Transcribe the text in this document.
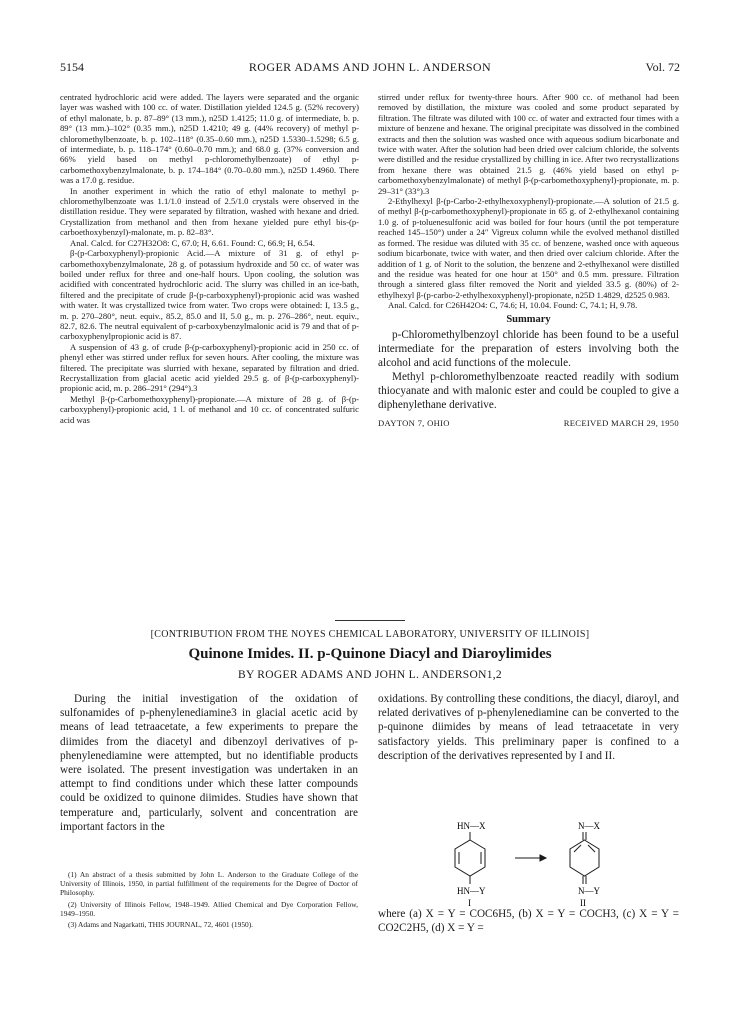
5154	ROGER ADAMS AND JOHN L. ANDERSON	Vol. 72

centrated hydrochloric acid were added. The layers were separated and the organic layer was washed with 100 cc. of water. Distillation yielded 124.5 g. (52% recovery) of ethyl malonate, b. p. 87–89° (13 mm.), n25D 1.4125; 11.0 g. of intermediate, b. p. 89° (13 mm.)–102° (0.35 mm.), n25D 1.4210; 49 g. (44% recovery) of methyl p-chloromethylbenzoate, b. p. 102–118° (0.35–0.60 mm.), n25D 1.5330–1.5298; 6.5 g. of intermediate, b. p. 118–174° (0.60–0.70 mm.); and 68.0 g. (37% conversion and 66% yield based on methyl p-chloromethylbenzoate) of ethyl p-carbomethoxybenzylmalonate, b. p. 174–184° (0.70–0.80 mm.), n25D 1.4960. There was a 17.0 g. residue.

In another experiment in which the ratio of ethyl malonate to methyl p-chloromethylbenzoate was 1.1/1.0 instead of 2.5/1.0 crystals were observed in the distillation residue. They were separated by filtration, washed with hexane and dried. Crystallization from methanol and then from hexane yielded pure ethyl bis-(p-carboethoxybenzyl)-malonate, m. p. 82–83°.

Anal. Calcd. for C27H32O8: C, 67.0; H, 6.61. Found: C, 66.9; H, 6.54.

β-(p-Carboxyphenyl)-propionic Acid.—A mixture of 31 g. of ethyl p-carbomethoxybenzylmalonate, 28 g. of potassium hydroxide and 50 cc. of water was boiled under reflux for three and one-half hours. Upon cooling, the solution was acidified with concentrated hydrochloric acid. The slurry was chilled in an ice-bath, filtered and the precipitate of crude β-(p-carboxyphenyl)-propionic acid was washed with water. It was crystallized twice from water. Two crops were obtained: I, 13.5 g., m. p. 270–280°, neut. equiv., 85.2, 85.0 and II, 5.0 g., m. p. 276–286°, neut. equiv., 82.7, 82.6. The neutral equivalent of p-carboxybenzylmalonic acid is 79 and that of p-carboxyphenylpropionic acid is 87.

A suspension of 43 g. of crude β-(p-carboxyphenyl)-propionic acid in 250 cc. of phenyl ether was stirred under reflux for seven hours. After cooling, the mixture was filtered. The precipitate was slurried with hexane, separated by filtration and dried. Recrystallization from glacial acetic acid yielded 29.5 g. of β-(p-carboxyphenyl)-propionic acid, m. p. 286–291° (294°).3

Methyl β-(p-Carbomethoxyphenyl)-propionate.—A mixture of 28 g. of β-(p-carboxyphenyl)-propionic acid, 1 l. of methanol and 10 cc. of concentrated sulfuric acid was

stirred under reflux for twenty-three hours. After 900 cc. of methanol had been removed by distillation, the mixture was cooled and some product separated by filtration. The filtrate was diluted with 100 cc. of water and extracted four times with a mixture of benzene and hexane. The original precipitate was dissolved in the combined extracts and then the solution was washed once with aqueous sodium bicarbonate and twice with water. After the solution had been dried over calcium chloride, the solvents were distilled and the residue crystallized by chilling in ice. After two recrystallizations from hexane there was obtained 21.5 g. (46% yield based on ethyl p-carbomethoxybenzylmalonate) of methyl β-(p-carbomethoxyphenyl)-propionate, m. p. 29–31° (33°).3

2-Ethylhexyl β-(p-Carbo-2-ethylhexoxyphenyl)-propionate.—A solution of 21.5 g. of methyl β-(p-carbomethoxyphenyl)-propionate in 65 g. of 2-ethylhexanol containing 1.0 g. of p-toluenesulfonic acid was boiled for four hours (until the pot temperature reached 145–150°) under a 24″ Vigreux column while the evolved methanol distilled as formed. The residue was diluted with 35 cc. of benzene, washed once with aqueous sodium bicarbonate, twice with water, and then dried over calcium chloride. After the addition of 1 g. of Norit to the solution, the benzene and 2-ethylhexanol were distilled and the residue was heated for one hour at 150° and 0.5 mm. pressure. Filtration through a sintered glass filter removed the Norit and yielded 33.5 g. (80%) of 2-ethylhexyl β-(p-carbo-2-ethylhexoxyphenyl)-propionate, n25D 1.4829, d2525 0.983.

Anal. Calcd. for C26H42O4: C, 74.6; H, 10.04. Found: C, 74.1; H, 9.78.

Summary

p-Chloromethylbenzoyl chloride has been found to be a useful intermediate for the preparation of esters involving both the alcohol and acid functions of the molecule.

Methyl p-chloromethylbenzoate reacted readily with sodium thiocyanate and with malonic ester and could be coupled to give a diphenylethane derivative.

DAYTON 7, OHIO	RECEIVED MARCH 29, 1950
[CONTRIBUTION FROM THE NOYES CHEMICAL LABORATORY, UNIVERSITY OF ILLINOIS]
Quinone Imides. II. p-Quinone Diacyl and Diaroylimides
BY ROGER ADAMS AND JOHN L. ANDERSON1,2

During the initial investigation of the oxidation of sulfonamides of p-phenylenediamine3 in glacial acetic acid by means of lead tetraacetate, a few experiments to prepare the diimides from the diacetyl and dibenzoyl derivatives of p-phenylenediamine were attempted, but no identifiable products were isolated. The present investigation was undertaken in an attempt to find conditions under which these latter compounds could be oxidized to quinone diimides. Studies have shown that temperature and, particularly, solvent and concentration are important factors in the

(1) An abstract of a thesis submitted by John L. Anderson to the Graduate College of the University of Illinois, 1950, in partial fulfillment of the requirements for the Degree of Doctor of Philosophy.

(2) University of Illinois Fellow, 1948–1949. Allied Chemical and Dye Corporation Fellow, 1949–1950.

(3) Adams and Nagarkatti, THIS JOURNAL, 72, 4601 (1950).

oxidations. By controlling these conditions, the diacyl, diaroyl, and related derivatives of p-phenylenediamine can be converted to the p-quinone diimides by means of lead tetraacetate in very satisfactory yields. This preliminary paper is confined to a description of the derivatives represented by I and II.

HN—X
HN—Y
I
N—X
N—Y
II
where (a) X = Y = COC6H5, (b) X = Y = COCH3, (c) X = Y = CO2C2H5, (d) X = Y =
